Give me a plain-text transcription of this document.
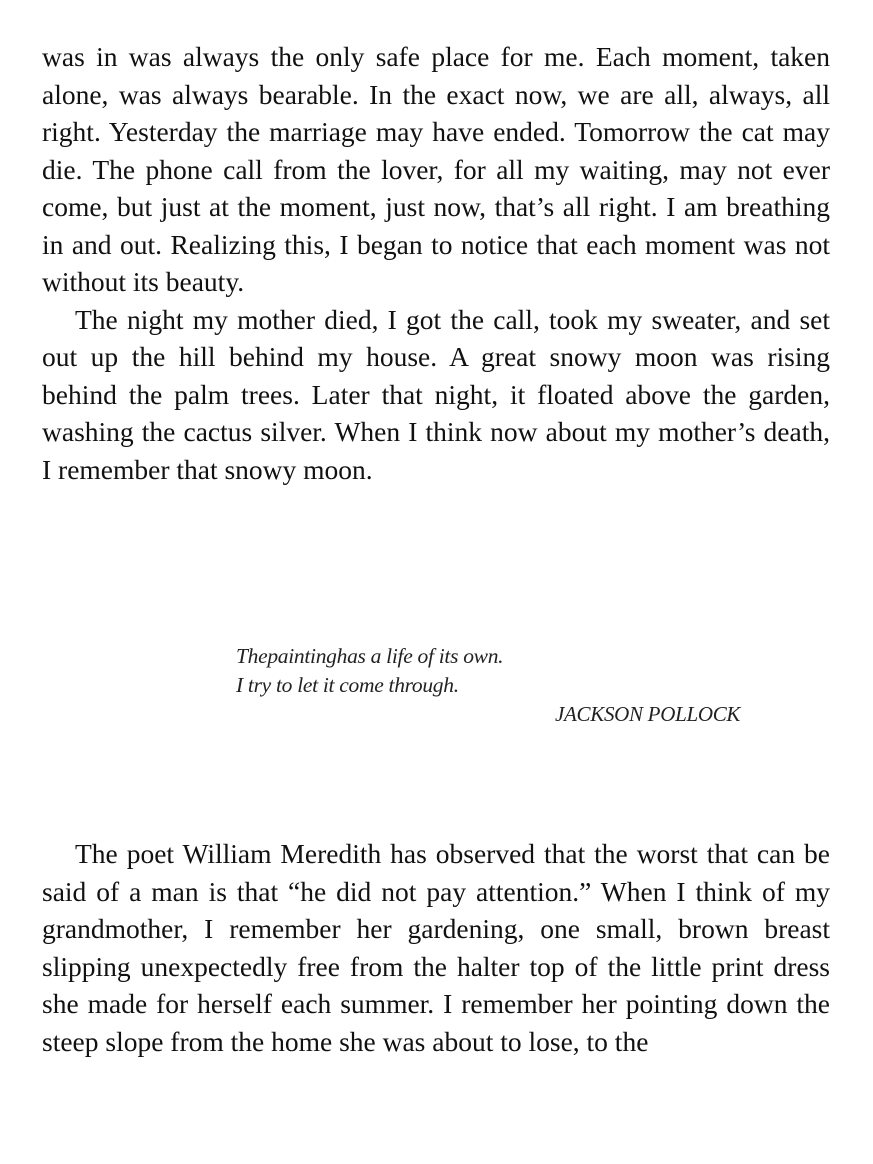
was in was always the only safe place for me. Each moment, taken alone, was always bearable. In the exact now, we are all, always, all right. Yesterday the marriage may have ended. Tomorrow the cat may die. The phone call from the lover, for all my waiting, may not ever come, but just at the moment, just now, that’s all right. I am breathing in and out. Realizing this, I began to notice that each moment was not without its beauty.

The night my mother died, I got the call, took my sweater, and set out up the hill behind my house. A great snowy moon was rising behind the palm trees. Later that night, it floated above the garden, washing the cactus silver. When I think now about my mother’s death, I remember that snowy moon.

Thepaintinghas a life of its own.
I try to let it come through.
JACKSON POLLOCK

The poet William Meredith has observed that the worst that can be said of a man is that “he did not pay attention.” When I think of my grandmother, I remember her gardening, one small, brown breast slipping unexpectedly free from the halter top of the little print dress she made for herself each summer. I remember her pointing down the steep slope from the home she was about to lose, to the
